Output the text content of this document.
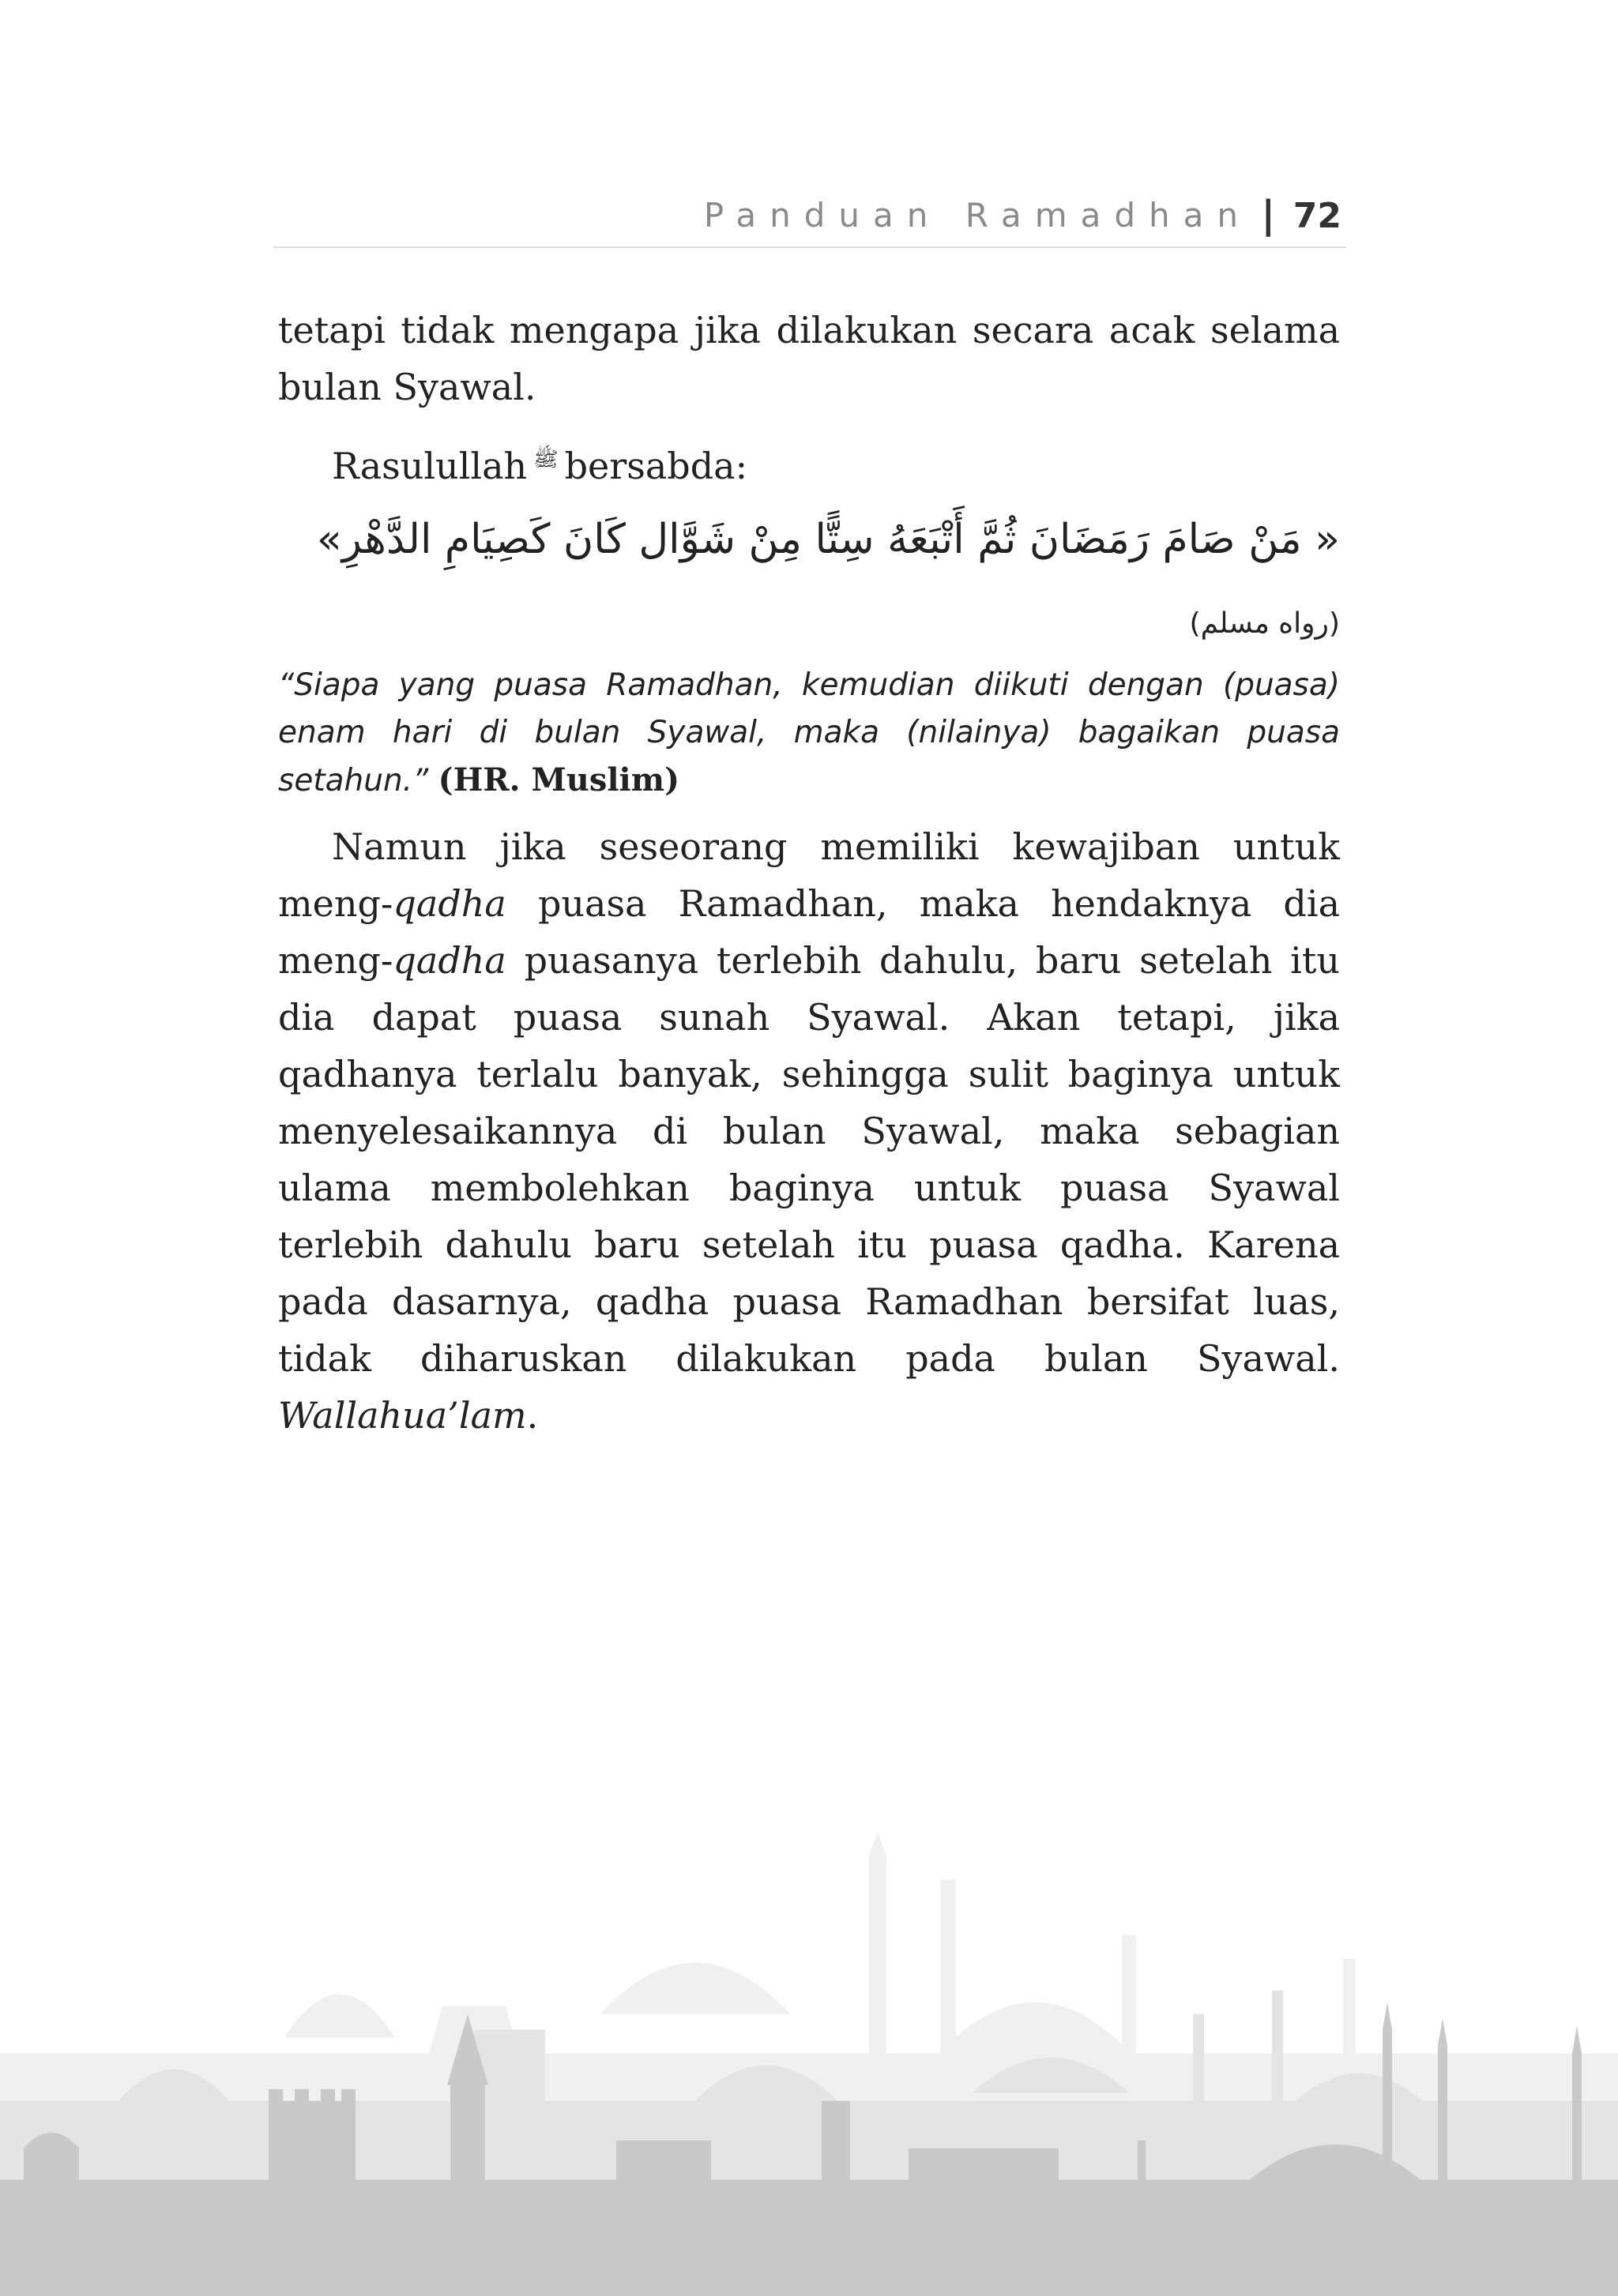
Panduan Ramadhan | 72
tetapi tidak mengapa jika dilakukan secara acak selama
bulan Syawal.
Rasulullah $^ﷺ$ bersabda:
« مَنْ صَامَ رَمَضَانَ ثُمَّ أَتْبَعَهُ سِتًّا مِنْ شَوَّال كَانَ كَصِيَامِ الدَّهْرِ»
(رواه مسلم)
“Siapa yang puasa Ramadhan, kemudian diikuti dengan (puasa) enam hari di bulan Syawal, maka (nilainya) bagaikan puasa setahun.” (HR. Muslim)
Namun jika seseorang memiliki kewajiban untuk
meng-qadha puasa Ramadhan, maka hendaknya dia
meng-qadha puasanya terlebih dahulu, baru setelah itu
dia dapat puasa sunah Syawal. Akan tetapi, jika
qadhanya terlalu banyak, sehingga sulit baginya untuk
menyelesaikannya di bulan Syawal, maka sebagian
ulama membolehkan baginya untuk puasa Syawal
terlebih dahulu baru setelah itu puasa qadha. Karena
pada dasarnya, qadha puasa Ramadhan bersifat luas,
tidak diharuskan dilakukan pada bulan Syawal.
Wallahua’lam.
